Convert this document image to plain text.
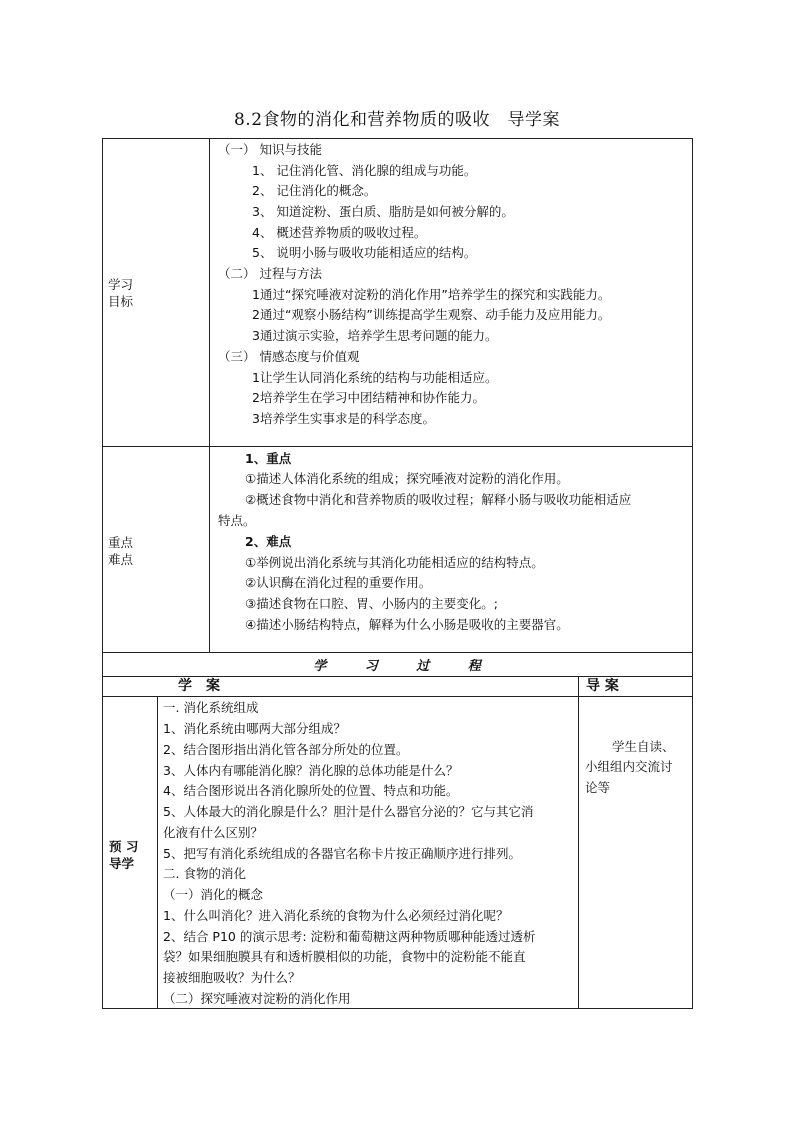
8.2食物的消化和营养物质的吸收　导学案
学习
目标
（一） 知识与技能
1、 记住消化管、消化腺的组成与功能。
2、 记住消化的概念。
3、 知道淀粉、蛋白质、脂肪是如何被分解的。
4、 概述营养物质的吸收过程。
5、 说明小肠与吸收功能相适应的结构。
（二） 过程与方法
1通过“探究唾液对淀粉的消化作用”培养学生的探究和实践能力。
2通过“观察小肠结构”训练提高学生观察、动手能力及应用能力。
3通过演示实验，培养学生思考问题的能力。
（三） 情感态度与价值观
1让学生认同消化系统的结构与功能相适应。
2培养学生在学习中团结精神和协作能力。
3培养学生实事求是的科学态度。
重点
难点
1、重点
①描述人体消化系统的组成；探究唾液对淀粉的消化作用。
②概述食物中消化和营养物质的吸收过程；解释小肠与吸收功能相适应
特点。
2、难点
①举例说出消化系统与其消化功能相适应的结构特点。
②认识酶在消化过程的重要作用。
③描述食物在口腔、胃、小肠内的主要变化。;
④描述小肠结构特点，解释为什么小肠是吸收的主要器官。
学 习 过 程
学　案	导 案
预 习
导学
一. 消化系统组成
1、消化系统由哪两大部分组成？
2、结合图形指出消化管各部分所处的位置。
3、人体内有哪能消化腺？消化腺的总体功能是什么？
4、结合图形说出各消化腺所处的位置、特点和功能。
5、人体最大的消化腺是什么？胆汁是什么器官分泌的？它与其它消
化液有什么区别？
5、把写有消化系统组成的各器官名称卡片按正确顺序进行排列。
二. 食物的消化
（一）消化的概念
1、什么叫消化？进入消化系统的食物为什么必须经过消化呢？
2、结合 P10 的演示思考: 淀粉和葡萄糖这两种物质哪种能透过透析
袋？如果细胞膜具有和透析膜相似的功能，食物中的淀粉能不能直
接被细胞吸收？为什么？
（二）探究唾液对淀粉的消化作用
学生自读、
小组组内交流讨
论等
